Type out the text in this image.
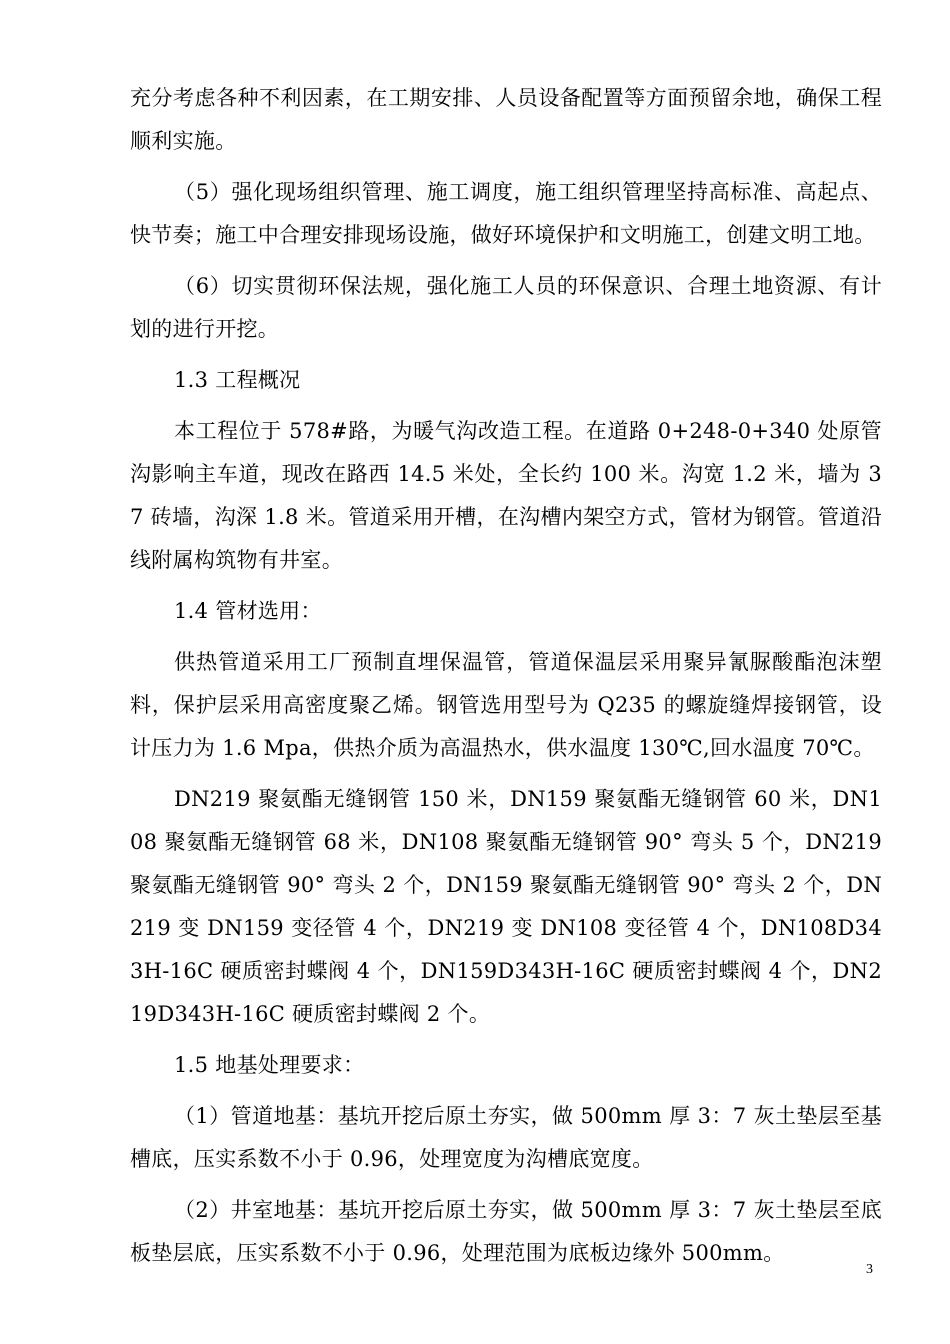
充分考虑各种不利因素，在工期安排、人员设备配置等方面预留余地，确保工程顺利实施。

（5）强化现场组织管理、施工调度，施工组织管理坚持高标准、高起点、快节奏；施工中合理安排现场设施，做好环境保护和文明施工，创建文明工地。

（6）切实贯彻环保法规，强化施工人员的环保意识、合理土地资源、有计划的进行开挖。

1.3 工程概况

本工程位于 578#路，为暖气沟改造工程。在道路 0+248-0+340 处原管沟影响主车道，现改在路西 14.5 米处，全长约 100 米。沟宽 1.2 米，墙为 37 砖墙，沟深 1.8 米。管道采用开槽，在沟槽内架空方式，管材为钢管。管道沿线附属构筑物有井室。

1.4 管材选用：

供热管道采用工厂预制直埋保温管，管道保温层采用聚异氰脲酸酯泡沫塑料，保护层采用高密度聚乙烯。钢管选用型号为 Q235 的螺旋缝焊接钢管，设计压力为 1.6 Mpa，供热介质为高温热水，供水温度 130℃,回水温度 70℃。

DN219 聚氨酯无缝钢管 150 米，DN159 聚氨酯无缝钢管 60 米，DN108 聚氨酯无缝钢管 68 米，DN108 聚氨酯无缝钢管 90° 弯头 5 个，DN219 聚氨酯无缝钢管 90° 弯头 2 个，DN159 聚氨酯无缝钢管 90° 弯头 2 个，DN219 变 DN159 变径管 4 个，DN219 变 DN108 变径管 4 个，DN108D343H-16C 硬质密封蝶阀 4 个，DN159D343H-16C 硬质密封蝶阀 4 个，DN219D343H-16C 硬质密封蝶阀 2 个。

1.5 地基处理要求：

（1）管道地基：基坑开挖后原土夯实，做 500mm 厚 3：7 灰土垫层至基槽底，压实系数不小于 0.96，处理宽度为沟槽底宽度。

（2）井室地基：基坑开挖后原土夯实，做 500mm 厚 3：7 灰土垫层至底板垫层底，压实系数不小于 0.96，处理范围为底板边缘外 500mm。

3
